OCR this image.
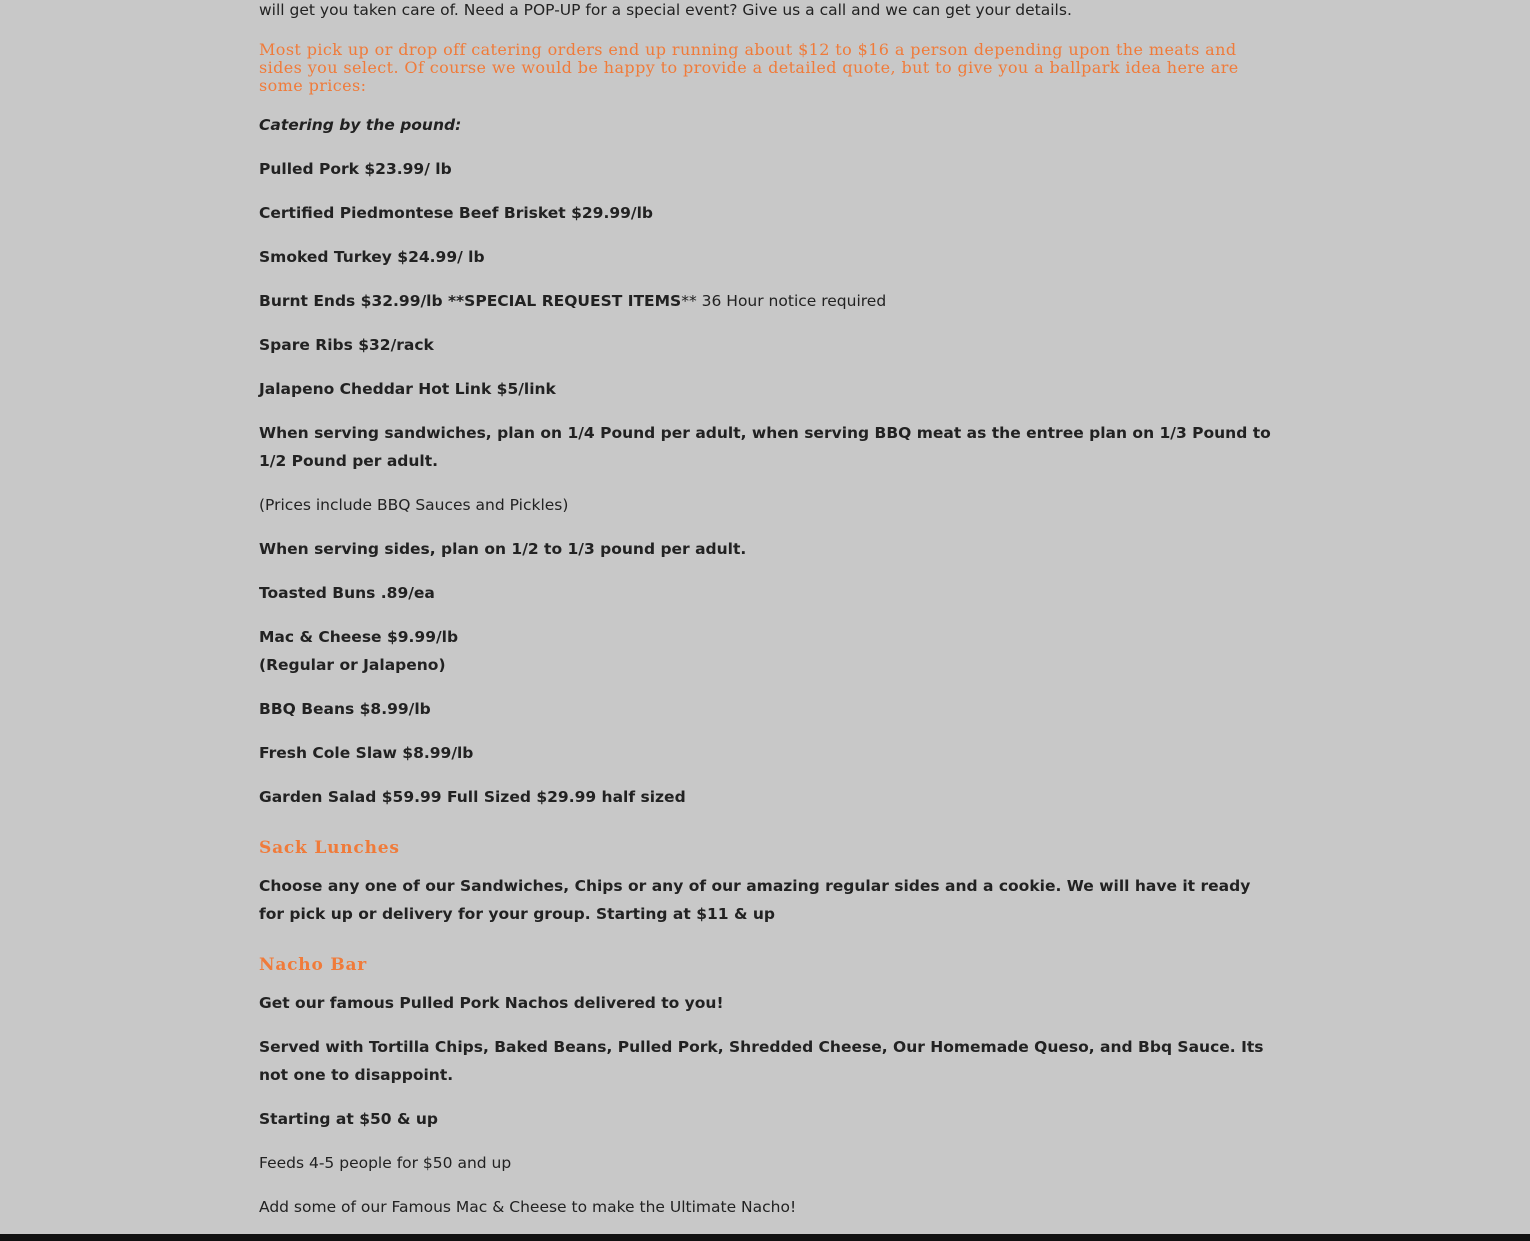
will get you taken care of. Need a POP-UP for a special event? Give us a call and we can get your details.

Most pick up or drop off catering orders end up running about $12 to $16 a person depending upon the meats and sides you select. Of course we would be happy to provide a detailed quote, but to give you a ballpark idea here are some prices:

Catering by the pound:

Pulled Pork $23.99/ lb

Certified Piedmontese Beef Brisket $29.99/lb

Smoked Turkey $24.99/ lb

Burnt Ends $32.99/lb **SPECIAL REQUEST ITEMS** 36 Hour notice required

Spare Ribs $32/rack

Jalapeno Cheddar Hot Link $5/link

When serving sandwiches, plan on 1/4 Pound per adult, when serving BBQ meat as the entree plan on 1/3 Pound to 1/2 Pound per adult.

(Prices include BBQ Sauces and Pickles)

When serving sides, plan on 1/2 to 1/3 pound per adult.

Toasted Buns .89/ea

Mac & Cheese $9.99/lb

(Regular or Jalapeno)

BBQ Beans $8.99/lb

Fresh Cole Slaw $8.99/lb

Garden Salad $59.99 Full Sized $29.99 half sized

Sack Lunches

Choose any one of our Sandwiches, Chips or any of our amazing regular sides and a cookie. We will have it ready for pick up or delivery for your group. Starting at $11 & up

Nacho Bar

Get our famous Pulled Pork Nachos delivered to you!

Served with Tortilla Chips, Baked Beans, Pulled Pork, Shredded Cheese, Our Homemade Queso, and Bbq Sauce. Its not one to disappoint.

Starting at $50 & up

Feeds 4-5 people for $50 and up

Add some of our Famous Mac & Cheese to make the Ultimate Nacho!
